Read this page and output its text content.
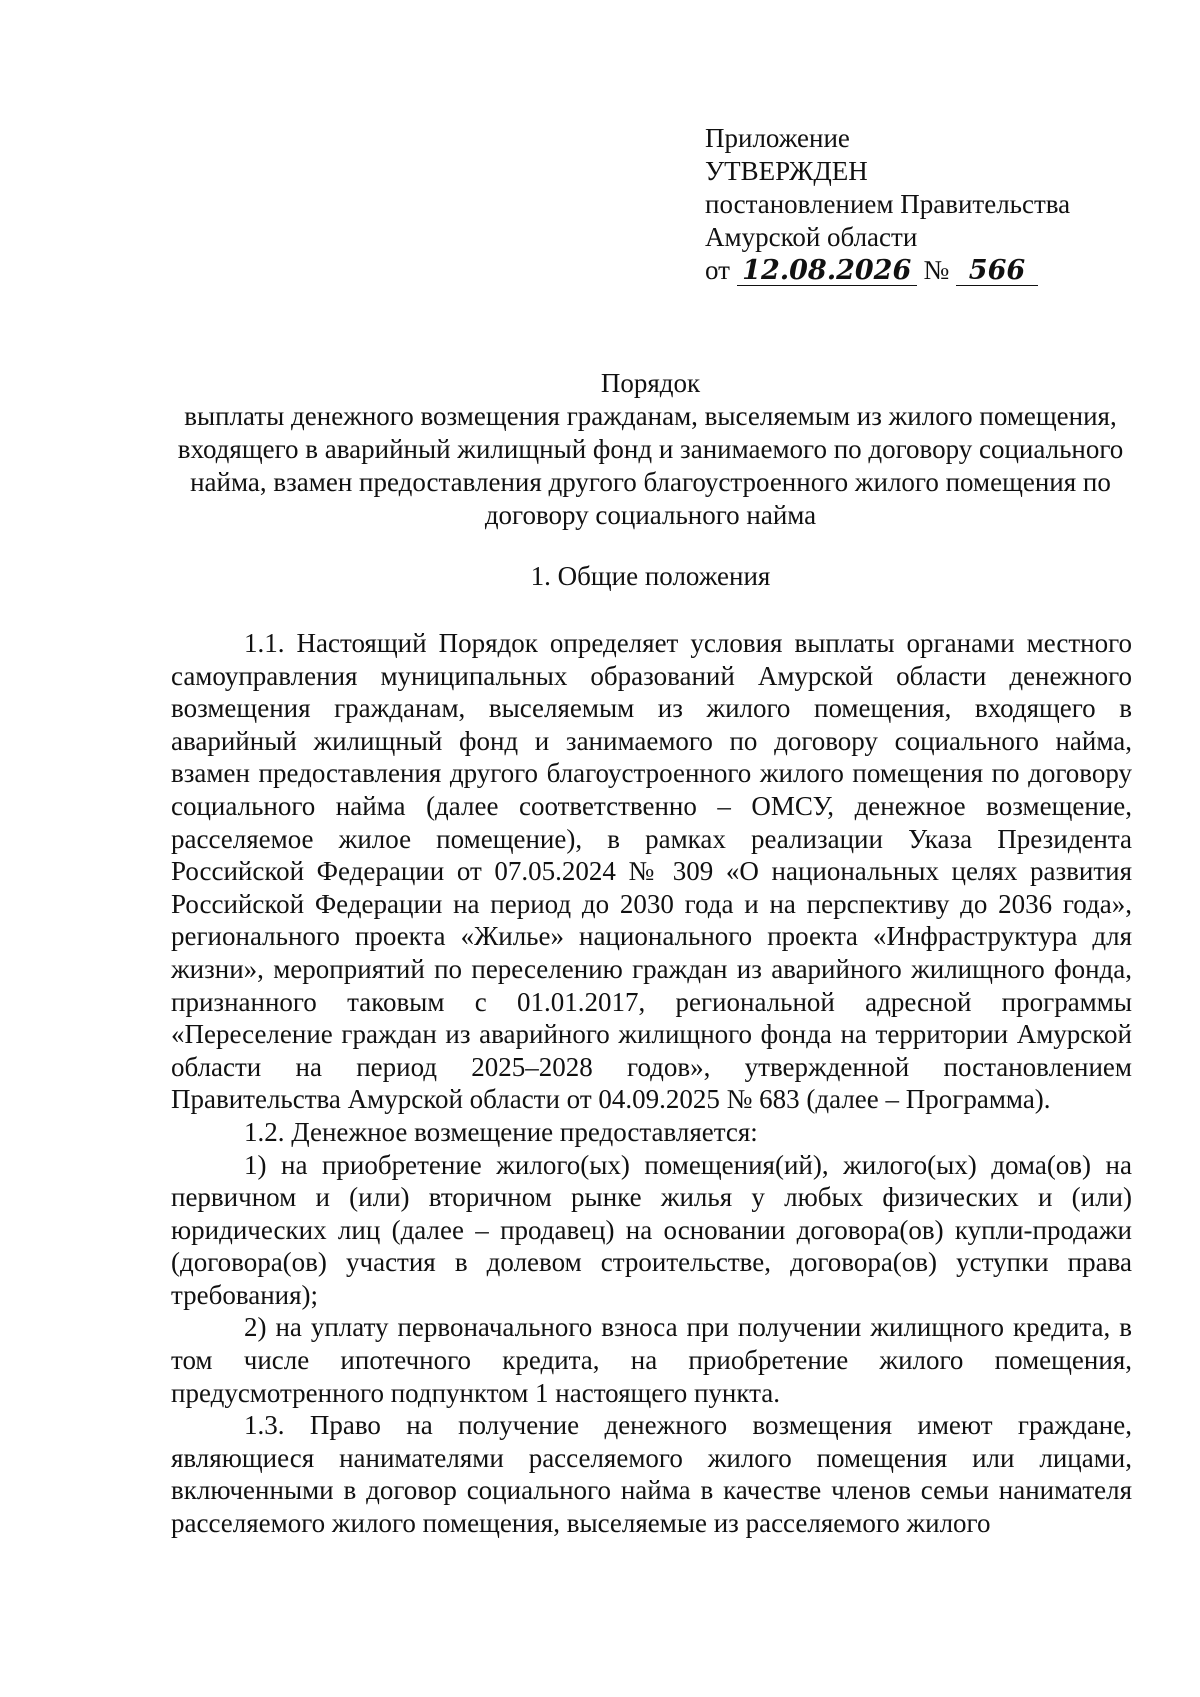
Приложение
УТВЕРЖДЕН
постановлением Правительства
Амурской области
от 12.08.2026 № 566
Порядок
выплаты денежного возмещения гражданам, выселяемым из жилого помещения, входящего в аварийный жилищный фонд и занимаемого по договору социального найма, взамен предоставления другого благоустроенного жилого помещения по договору социального найма
1. Общие положения

1.1. Настоящий Порядок определяет условия выплаты органами местного самоуправления муниципальных образований Амурской области денежного возмещения гражданам, выселяемым из жилого помещения, входящего в аварийный жилищный фонд и занимаемого по договору социального найма, взамен предоставления другого благоустроенного жилого помещения по договору социального найма (далее соответственно – ОМСУ, денежное возмещение, расселяемое жилое помещение), в рамках реализации Указа Президента Российской Федерации от 07.05.2024 № 309 «О национальных целях развития Российской Федерации на период до 2030 года и на перспективу до 2036 года», регионального проекта «Жилье» национального проекта «Инфраструктура для жизни», мероприятий по переселению граждан из аварийного жилищного фонда, признанного таковым с 01.01.2017, региональной адресной программы «Переселение граждан из аварийного жилищного фонда на территории Амурской области на период 2025–2028 годов», утвержденной постановлением Правительства Амурской области от 04.09.2025 № 683 (далее – Программа).

1.2. Денежное возмещение предоставляется:

1) на приобретение жилого(ых) помещения(ий), жилого(ых) дома(ов) на первичном и (или) вторичном рынке жилья у любых физических и (или) юридических лиц (далее – продавец) на основании договора(ов) купли-продажи (договора(ов) участия в долевом строительстве, договора(ов) уступки права требования);

2) на уплату первоначального взноса при получении жилищного кредита, в том числе ипотечного кредита, на приобретение жилого помещения, предусмотренного подпунктом 1 настоящего пункта.

1.3. Право на получение денежного возмещения имеют граждане, являющиеся нанимателями расселяемого жилого помещения или лицами, включенными в договор социального найма в качестве членов семьи нанимателя расселяемого жилого помещения, выселяемые из расселяемого жилого
